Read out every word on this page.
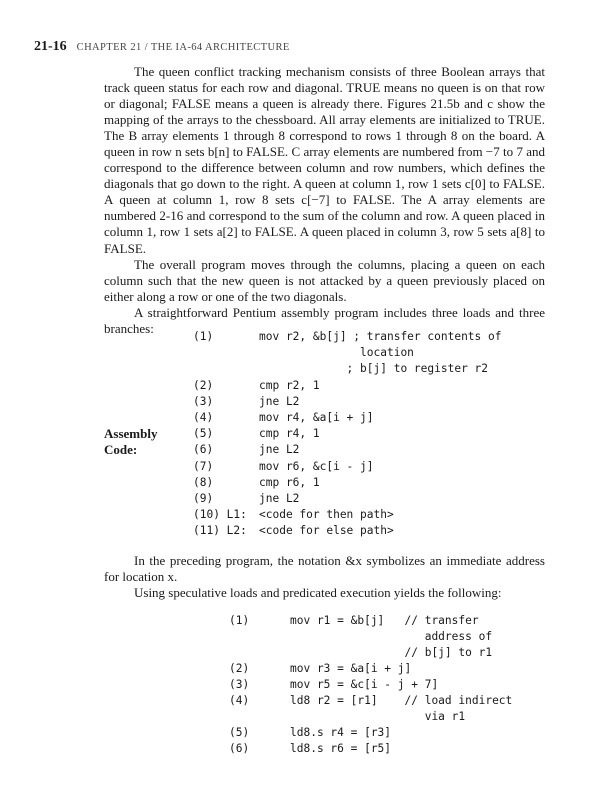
21-16 CHAPTER 21 / THE IA-64 ARCHITECTURE

The queen conflict tracking mechanism consists of three Boolean arrays that track queen status for each row and diagonal. TRUE means no queen is on that row or diagonal; FALSE means a queen is already there. Figures 21.5b and c show the mapping of the arrays to the chessboard. All array elements are initialized to TRUE. The B array elements 1 through 8 correspond to rows 1 through 8 on the board. A queen in row n sets b[n] to FALSE. C array elements are numbered from −7 to 7 and correspond to the difference between column and row numbers, which defines the diagonals that go down to the right. A queen at column 1, row 1 sets c[0] to FALSE. A queen at column 1, row 8 sets c[−7] to FALSE. The A array elements are numbered 2-16 and correspond to the sum of the column and row. A queen placed in column 1, row 1 sets a[2] to FALSE. A queen placed in column 3, row 5 sets a[8] to FALSE.

The overall program moves through the columns, placing a queen on each column such that the new queen is not attacked by a queen previously placed on either along a row or one of the two diagonals.

A straightforward Pentium assembly program includes three loads and three branches:

(1)	mov r2, &b[j] ; transfer contents of
location
; b[j] to register r2
(2)	cmp r2, 1
(3)	jne L2
(4)	mov r4, &a[i + j]
(5)	cmp r4, 1
(6)	jne L2
(7)	mov r6, &c[i - j]
(8)	cmp r6, 1
(9)	jne L2
(10) L1: <code for then path>
(11) L2: <code for else path>
Assembly
Code:

In the preceding program, the notation &x symbolizes an immediate address for location x.

Using speculative loads and predicated execution yields the following:

(1)	mov r1 = &b[j]   // transfer
address of
// b[j] to r1
(2)	mov r3 = &a[i + j]
(3)	mov r5 = &c[i - j + 7]
(4)	ld8 r2 = [r1]    // load indirect
via r1
(5)	ld8.s r4 = [r3]
(6)	ld8.s r6 = [r5]
